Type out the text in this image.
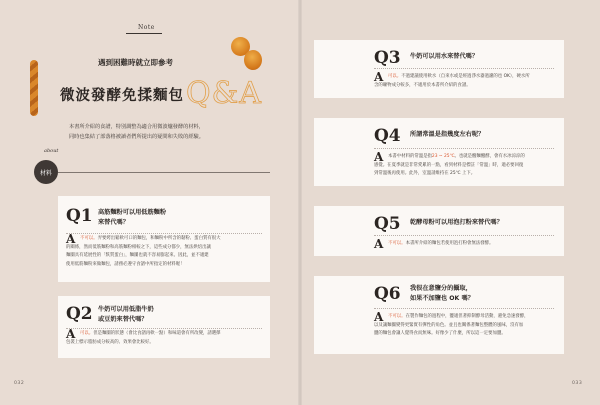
Note
遇到困難時就立即參考
微波發酵免揉麵包 Q&A
本書所介紹的食譜，特別調整為適合用微波爐發酵的材料，
同時也集結了部落格被讀者們所提出的疑問和失敗的經驗。
about
材料
Q1 高筋麵粉可以用低筋麵粉
來替代嗎？
A 不可以。弄要烤出鬆軟可口的麵包，和麵粉中所含的黏粉、蛋白質有很大
的關係，然而低筋麵粉和高筋麵粉相較之下，這些成分都少，無法烘焙出讓
麵團具有延展性的「麩質蛋白」，麵團也就不容易膨起來。因此，並不適建
使用低筋麵粉來做麵包，請務必遵守食譜中所指定的材料喔！
Q2 牛奶可以用低脂牛奶
或豆奶來替代嗎？
A 可以。但是麵團的狀態（會比食譜再軟一點）和味道會有所改變，請選擇
包裝上標示脂肪成分較高的、效果會比較好。
032
Q3 牛奶可以用水來替代嗎？
A 可以。不過建議使用軟水（自來水或是經過淨水器過濾的也 OK），硬水所
含的礦物成分較多，不適用於本書所介紹的食譜。
Q4 所謂常溫是指幾度左右呢？
A 本書中材料的常溫是指23 ~ 25℃。也就是醱麵醱酵，會有水冰涼涼的
感覺。在夏季就是非常愛累的一點，看到材料是標註「常溫」時，適必要回復
到常溫後再使用。此外，室溫請維持在 25℃ 上下。
Q5 乾酵母粉可以用泡打粉來替代嗎？
A 不可以。本書所介紹的麵包若使用泡打粉會無法發酵。
Q6 我很在意鹽分的攝取，
如果不加鹽也 OK 嗎？
A 不可以。在製作麵包的過程中，鹽適但著抑制酵母活動，避免急速發酵，
以及讓麵團變得更緊實有彈性的角色。並且也關係著麵包整體的風味，沒有加
鹽的麵包會讓人覺得食而無味。好像少了什麼，所以這一定要加鹽。
033
